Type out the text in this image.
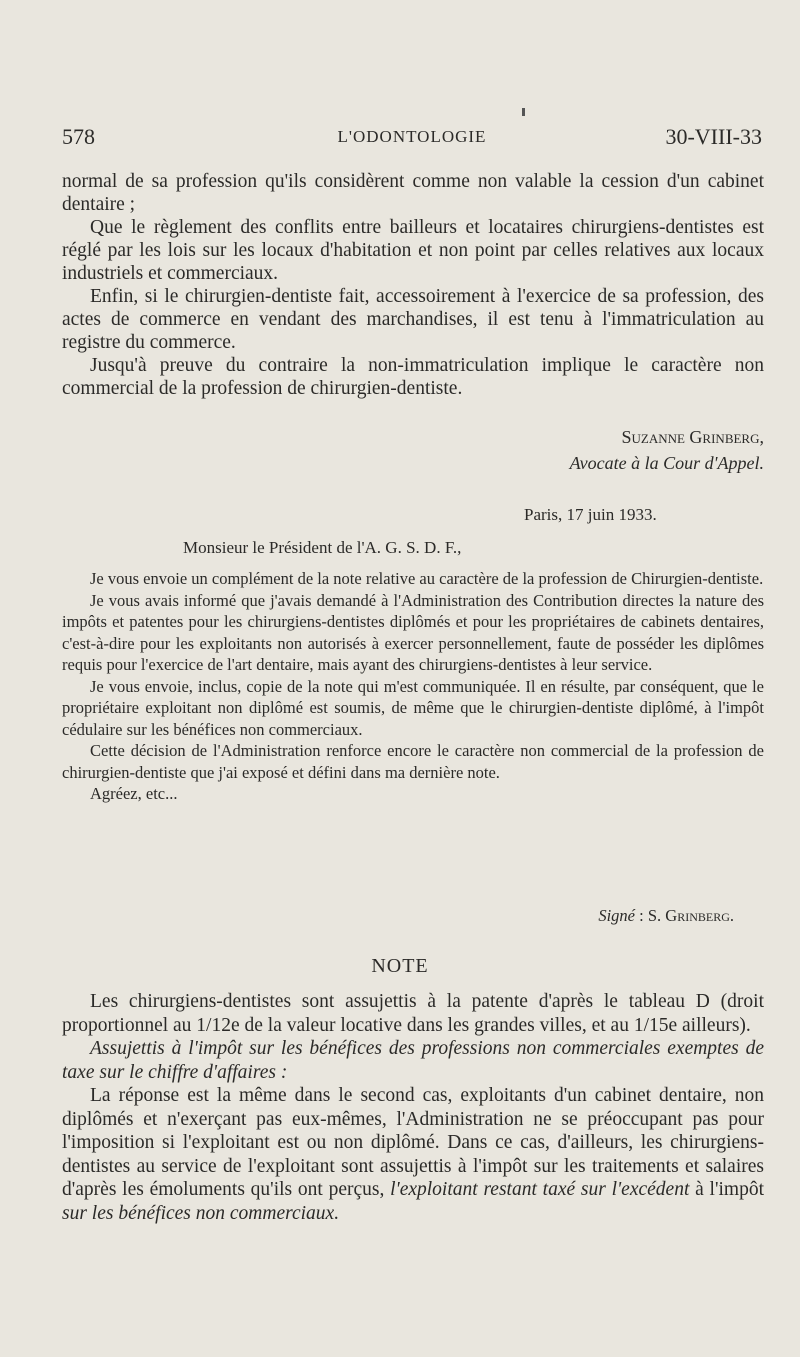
578	L'ODONTOLOGIE	30-VIII-33

normal de sa profession qu'ils considèrent comme non valable la cession d'un cabinet dentaire ;

Que le règlement des conflits entre bailleurs et locataires chirurgiens-dentistes est réglé par les lois sur les locaux d'habitation et non point par celles relatives aux locaux industriels et commerciaux.

Enfin, si le chirurgien-dentiste fait, accessoirement à l'exercice de sa profession, des actes de commerce en vendant des marchandises, il est tenu à l'immatriculation au registre du commerce.

Jusqu'à preuve du contraire la non-immatriculation implique le caractère non commercial de la profession de chirurgien-dentiste.

Suzanne Grinberg,
Avocate à la Cour d'Appel.
Paris, 17 juin 1933.
Monsieur le Président de l'A. G. S. D. F.,

Je vous envoie un complément de la note relative au caractère de la profession de Chirurgien-dentiste.

Je vous avais informé que j'avais demandé à l'Administration des Contribution directes la nature des impôts et patentes pour les chirurgiens-dentistes diplômés et pour les propriétaires de cabinets dentaires, c'est-à-dire pour les exploitants non autorisés à exercer personnellement, faute de posséder les diplômes requis pour l'exercice de l'art dentaire, mais ayant des chirurgiens-dentistes à leur service.

Je vous envoie, inclus, copie de la note qui m'est communiquée. Il en résulte, par conséquent, que le propriétaire exploitant non diplômé est soumis, de même que le chirurgien-dentiste diplômé, à l'impôt cédulaire sur les bénéfices non commerciaux.

Cette décision de l'Administration renforce encore le caractère non commercial de la profession de chirurgien-dentiste que j'ai exposé et défini dans ma dernière note.

Agréez, etc...

Signé : S. Grinberg.
NOTE

Les chirurgiens-dentistes sont assujettis à la patente d'après le tableau D (droit proportionnel au 1/12e de la valeur locative dans les grandes villes, et au 1/15e ailleurs).

Assujettis à l'impôt sur les bénéfices des professions non commerciales exemptes de taxe sur le chiffre d'affaires :

La réponse est la même dans le second cas, exploitants d'un cabinet dentaire, non diplômés et n'exerçant pas eux-mêmes, l'Administration ne se préoccupant pas pour l'imposition si l'exploitant est ou non diplômé. Dans ce cas, d'ailleurs, les chirurgiens-dentistes au service de l'exploitant sont assujettis à l'impôt sur les traitements et salaires d'après les émoluments qu'ils ont perçus, l'exploitant restant taxé sur l'excédent à l'impôt sur les bénéfices non commerciaux.
